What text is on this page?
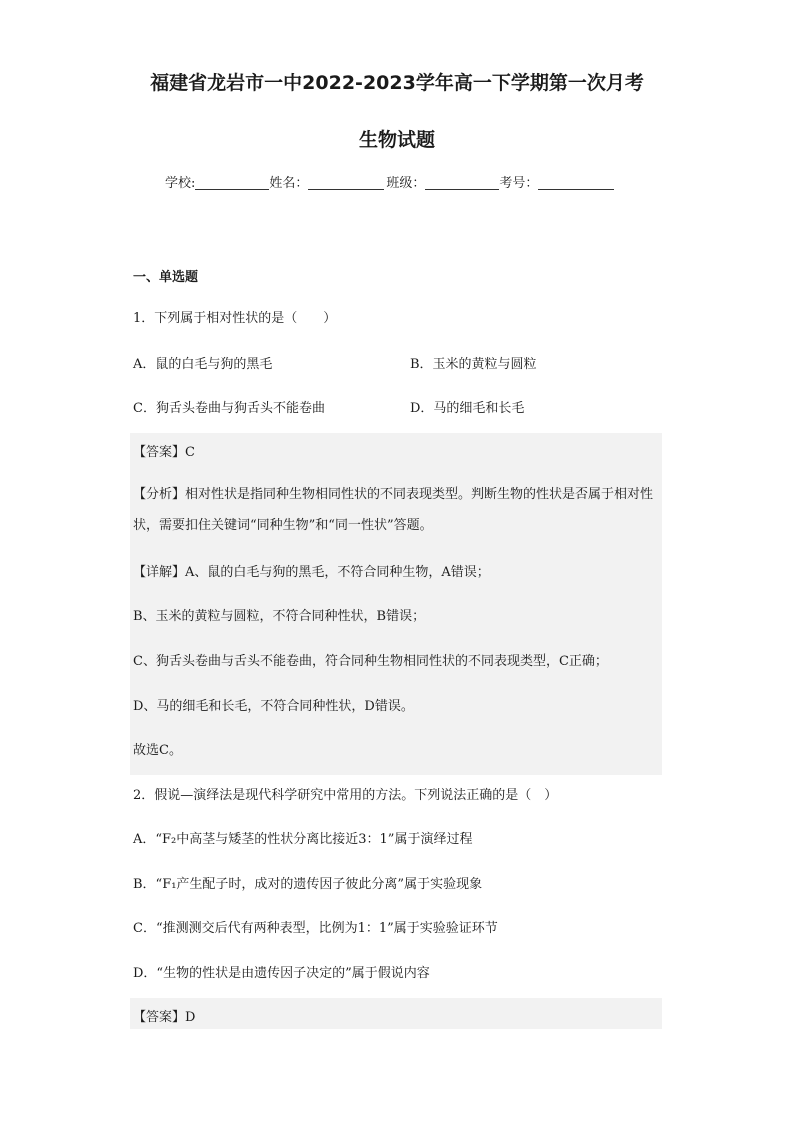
福建省龙岩市一中2022-2023学年高一下学期第一次月考
生物试题
学校:	姓名：	班级：	考号：
一、单选题
1．下列属于相对性状的是（　　）
A．鼠的白毛与狗的黑毛	B．玉米的黄粒与圆粒
C．狗舌头卷曲与狗舌头不能卷曲	D．马的细毛和长毛
【答案】C
【分析】相对性状是指同种生物相同性状的不同表现类型。判断生物的性状是否属于相对性状，需要扣住关键词“同种生物”和“同一性状”答题。
【详解】A、鼠的白毛与狗的黑毛，不符合同种生物，A错误；
B、玉米的黄粒与圆粒，不符合同种性状，B错误；
C、狗舌头卷曲与舌头不能卷曲，符合同种生物相同性状的不同表现类型，C正确；
D、马的细毛和长毛，不符合同种性状，D错误。
故选C。
2．假说—演绎法是现代科学研究中常用的方法。下列说法正确的是（　）
A．“F₂中高茎与矮茎的性状分离比接近3：1”属于演绎过程
B．“F₁产生配子时，成对的遗传因子彼此分离”属于实验现象
C．“推测测交后代有两种表型，比例为1：1”属于实验验证环节
D．“生物的性状是由遗传因子决定的”属于假说内容
【答案】D
